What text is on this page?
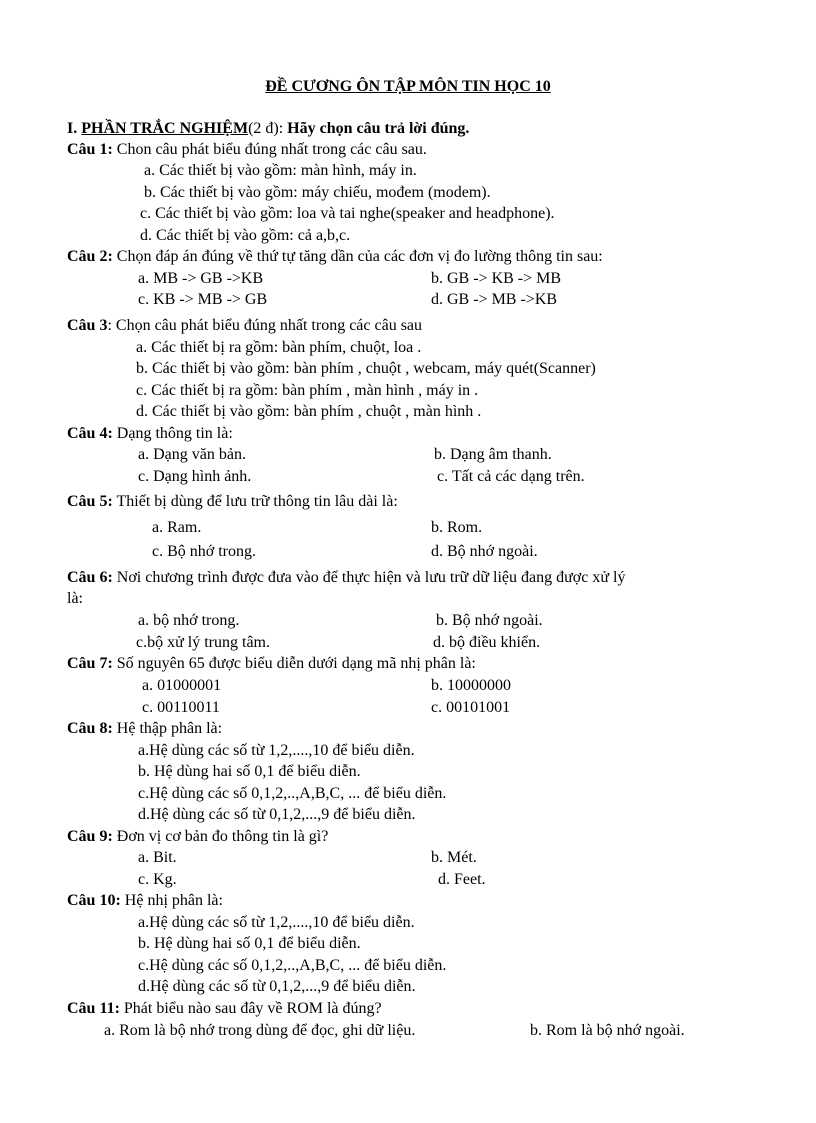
ĐỀ CƯƠNG ÔN TẬP MÔN TIN HỌC 10
I. PHẦN TRẮC NGHIỆM(2 đ): Hãy chọn câu trả lời đúng.
Câu 1: Chon câu phát biểu đúng nhất trong các câu sau.
a. Các thiết bị vào gồm: màn hình, máy in.
b. Các thiết bị vào gồm: máy chiếu, mođem (modem).
c. Các thiết bị vào gồm: loa và tai nghe(speaker and headphone).
d. Các thiết bị vào gồm: cả a,b,c.
Câu 2: Chọn đáp án đúng về thứ tự tăng dần của các đơn vị đo lường thông tin sau:
a. MB -> GB ->KB	b. GB -> KB -> MB
c. KB -> MB -> GB	d. GB -> MB ->KB
Câu 3: Chọn câu phát biểu đúng nhất trong các câu sau
a. Các thiết bị ra gồm: bàn phím, chuột, loa .
b. Các thiết bị vào gồm: bàn phím , chuột , webcam, máy quét(Scanner)
c. Các thiết bị ra gồm: bàn phím , màn hình , máy in .
d. Các thiết bị vào gồm: bàn phím , chuột , màn hình .
Câu 4: Dạng thông tin là:
a. Dạng văn bản.	b. Dạng âm thanh.
c. Dạng hình ảnh.	c. Tất cả các dạng trên.
Câu 5: Thiết bị dùng để lưu trữ thông tin lâu dài là:
a. Ram.	b. Rom.
c. Bộ nhớ trong.	d. Bộ nhớ ngoài.
Câu 6: Nơi chương trình được đưa vào để thực hiện và lưu trữ dữ liệu đang được xử lý
là:
a. bộ nhớ trong.	b. Bộ nhớ ngoài.
c.bộ xử lý trung tâm.	d. bộ điều khiển.
Câu 7: Số nguyên 65 được biểu diễn dưới dạng mã nhị phân là:
a. 01000001	b. 10000000
c. 00110011	c. 00101001
Câu 8: Hệ thập phân là:
a.Hệ dùng các số từ 1,2,....,10 để biểu diễn.
b. Hệ dùng hai số 0,1 để biểu diễn.
c.Hệ dùng các số 0,1,2,..,A,B,C, ... để biểu diễn.
d.Hệ dùng các số từ 0,1,2,...,9 để biểu diễn.
Câu 9: Đơn vị cơ bản đo thông tin là gì?
a. Bit.	b. Mét.
c. Kg.	d. Feet.
Câu 10: Hệ nhị phân là:
a.Hệ dùng các số từ 1,2,....,10 để biểu diễn.
b. Hệ dùng hai số 0,1 để biểu diễn.
c.Hệ dùng các số 0,1,2,..,A,B,C, ... để biểu diễn.
d.Hệ dùng các số từ 0,1,2,...,9 để biểu diễn.
Câu 11: Phát biểu nào sau đây về ROM là đúng?
a. Rom là bộ nhớ trong dùng để đọc, ghi dữ liệu.	b. Rom là bộ nhớ ngoài.
